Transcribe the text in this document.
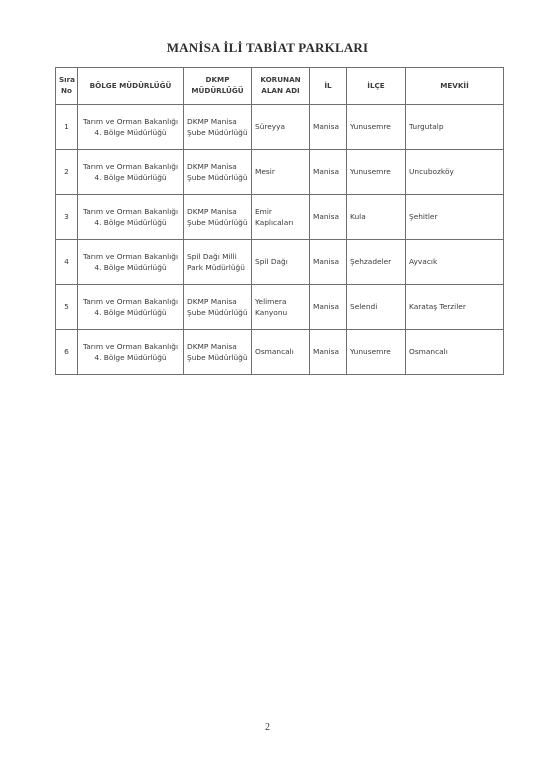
MANİSA İLİ TABİAT PARKLARI
Sıra No	BÖLGE MÜDÜRLÜĞÜ	DKMP MÜDÜRLÜĞÜ	KORUNAN ALAN ADI	İL	İLÇE	MEVKİİ
1	Tarım ve Orman Bakanlığı 4. Bölge Müdürlüğü	DKMP Manisa Şube Müdürlüğü	Süreyya	Manisa	Yunusemre	Turgutalp
2	Tarım ve Orman Bakanlığı 4. Bölge Müdürlüğü	DKMP Manisa Şube Müdürlüğü	Mesir	Manisa	Yunusemre	Uncubozköy
3	Tarım ve Orman Bakanlığı 4. Bölge Müdürlüğü	DKMP Manisa Şube Müdürlüğü	Emir Kaplıcaları	Manisa	Kula	Şehitler
4	Tarım ve Orman Bakanlığı 4. Bölge Müdürlüğü	Spil Dağı Milli Park Müdürlüğü	Spil Dağı	Manisa	Şehzadeler	Ayvacık
5	Tarım ve Orman Bakanlığı 4. Bölge Müdürlüğü	DKMP Manisa Şube Müdürlüğü	Yelimera Kanyonu	Manisa	Selendi	Karataş Terziler
6	Tarım ve Orman Bakanlığı 4. Bölge Müdürlüğü	DKMP Manisa Şube Müdürlüğü	Osmancalı	Manisa	Yunusemre	Osmancalı
2
